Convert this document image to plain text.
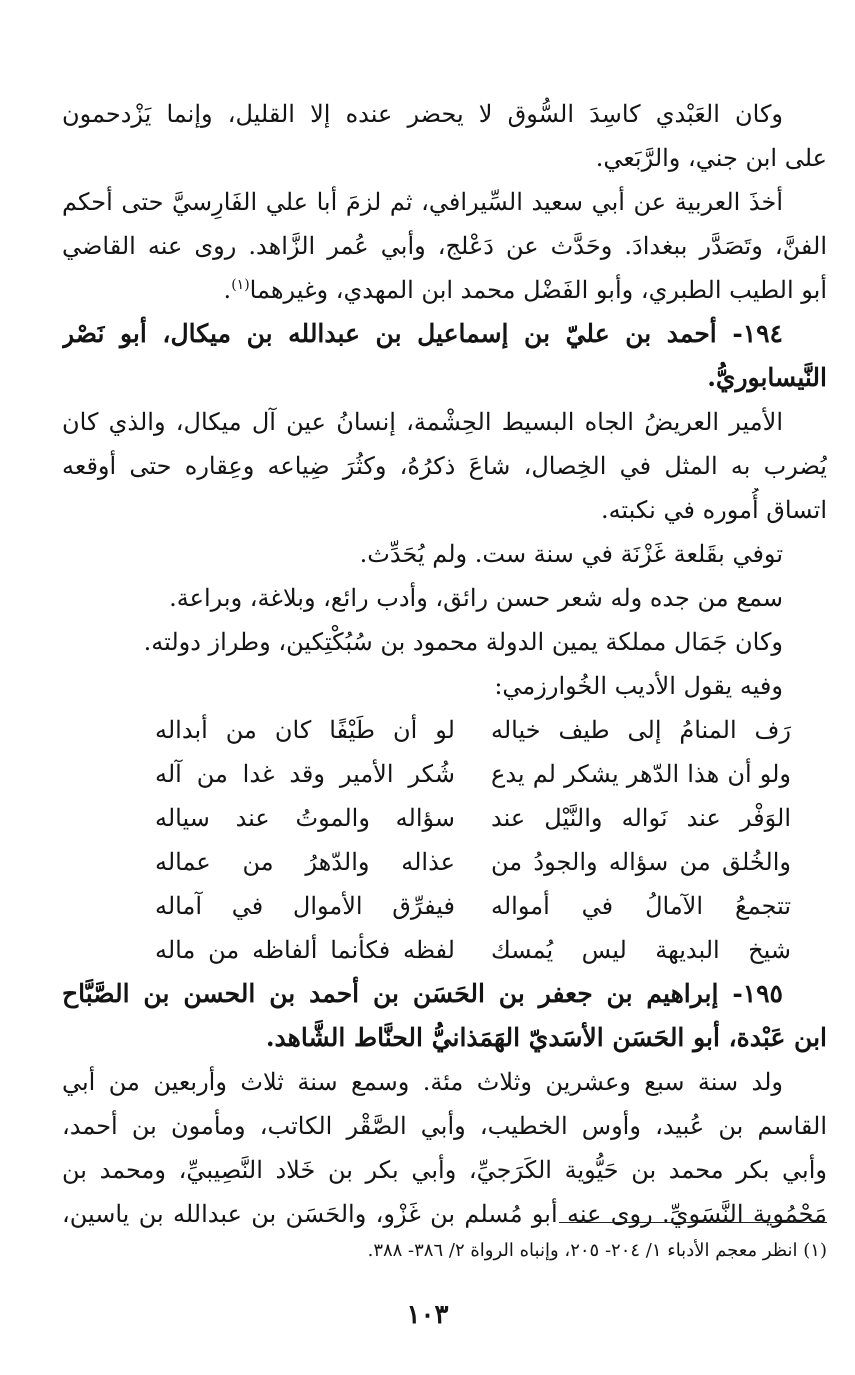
وكان العَبْدي كاسِدَ السُّوق لا يحضر عنده إلا القليل، وإنما يَزْدحمون
على ابن جني، والرَّبَعي.
أخذَ العربية عن أبي سعيد السِّيرافي، ثم لزمَ أبا علي الفَارِسيَّ حتى أحكم
الفنَّ، وتَصَدَّر ببغدادَ. وحَدَّث عن دَعْلج، وأبي عُمر الزَّاهد. روى عنه القاضي
أبو الطيب الطبري، وأبو الفَضْل محمد ابن المهدي، وغيرهما$^{(١)}$.
١٩٤- أحمد بن عليّ بن إسماعيل بن عبدالله بن ميكال، أبو نَصْر
النَّيسابوريُّ.
الأمير العريضُ الجاه البسيط الحِشْمة، إنسانُ عين آل ميكال، والذي كان
يُضرب به المثل في الخِصال، شاعَ ذكرُهُ، وكثُرَ ضِياعه وعِقاره حتى أوقعه
اتساق أُموره في نكبته.
توفي بقَلعة غَزْنَة في سنة ست. ولم يُحَدِّث.
سمع من جده وله شعر حسن رائق، وأدب رائع، وبلاغة، وبراعة.
وكان جَمَال مملكة يمين الدولة محمود بن سُبُكْتِكين، وطراز دولته.
وفيه يقول الأديب الخُوارزمي:
رَف المنامُ إلى طيف خياله
لو أن طَيْفًا كان من أبداله
ولو أن هذا الدّهر يشكر لم يدع
شُكر الأمير وقد غدا من آله
الوَفْر عند نَواله والنَّيْل عند
سؤاله والموتُ عند سياله
والخُلق من سؤاله والجودُ من
عذاله والدّهرُ من عماله
تتجمعُ الآمالُ في أمواله
فيفرِّق الأموال في آماله
شيخ البديهة ليس يُمسك
لفظه فكأنما ألفاظه من ماله
١٩٥- إبراهيم بن جعفر بن الحَسَن بن أحمد بن الحسن بن الصَّبَّاح
ابن عَبْدة، أبو الحَسَن الأسَديّ الهَمَذانيُّ الحنَّاط الشَّاهد.
ولد سنة سبع وعشرين وثلاث مئة. وسمع سنة ثلاث وأربعين من أبي
القاسم بن عُبيد، وأوس الخطيب، وأبي الصَّقْر الكاتب، ومأمون بن أحمد،
وأبي بكر محمد بن حَيُّوية الكَرَجيِّ، وأبي بكر بن خَلاد النَّصِيبيِّ، ومحمد بن
مَحْمُوية النَّسَويِّ. روى عنه أبو مُسلم بن غَزْو، والحَسَن بن عبدالله بن ياسين،
(١) انظر معجم الأدباء ١/ ٢٠٤- ٢٠٥، وإنباه الرواة ٢/ ٣٨٦- ٣٨٨.
١٠٣
